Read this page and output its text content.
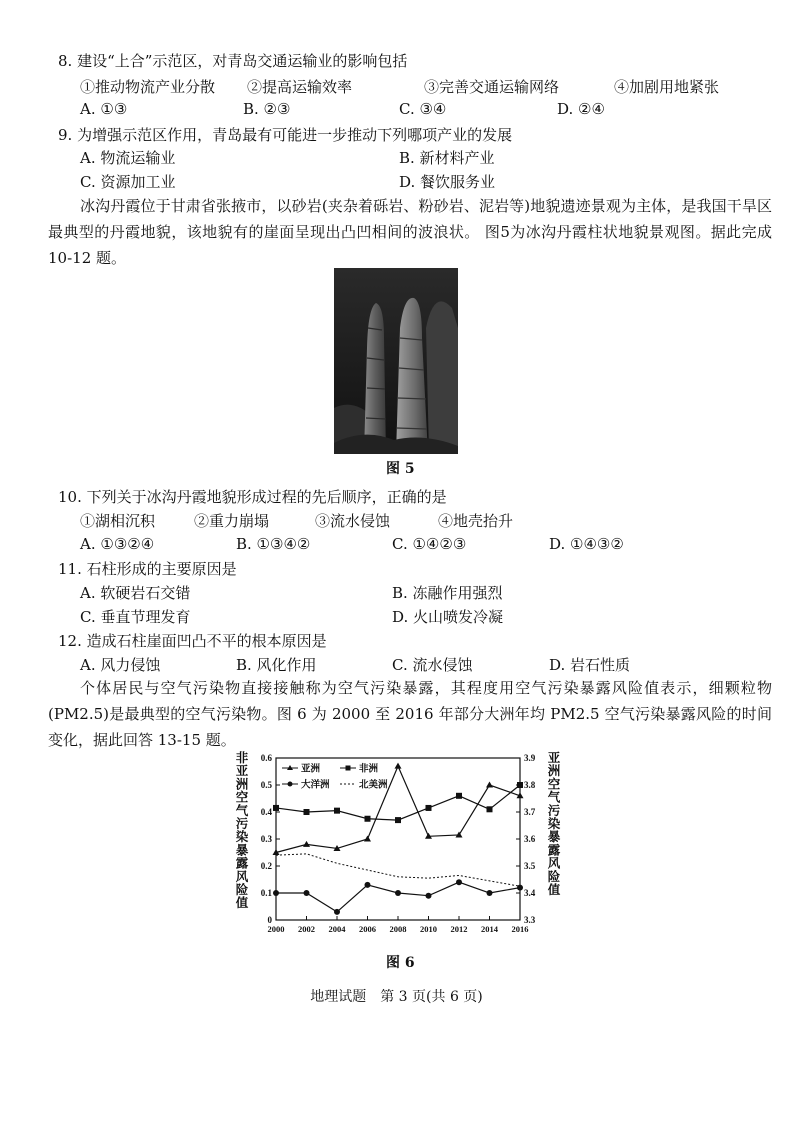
8. 建设“上合”示范区，对青岛交通运输业的影响包括
①推动物流产业分散 ②提高运输效率	③完善交通运输网络	④加剧用地紧张
A. ①③	B. ②③	C. ③④	D. ②④
9. 为增强示范区作用，青岛最有可能进一步推动下列哪项产业的发展
A. 物流运输业	B. 新材料产业
C. 资源加工业	D. 餐饮服务业
冰沟丹霞位于甘肃省张掖市，以砂岩(夹杂着砾岩、粉砂岩、泥岩等)地貌遗迹景观为主体，是我国干旱区最典型的丹霞地貌，该地貌有的崖面呈现出凸凹相间的波浪状。 图5为冰沟丹霞柱状地貌景观图。据此完成 10-12 题。
图 5
10. 下列关于冰沟丹霞地貌形成过程的先后顺序，正确的是
①湖相沉积	②重力崩塌	③流水侵蚀	④地壳抬升
A. ①③②④	B. ①③④②	C. ①④②③	D. ①④③②
11. 石柱形成的主要原因是
A. 软硬岩石交错	B. 冻融作用强烈
C. 垂直节理发育	D. 火山喷发冷凝
12. 造成石柱崖面凹凸不平的根本原因是
A. 风力侵蚀	B. 风化作用	C. 流水侵蚀	D. 岩石性质
个体居民与空气污染物直接接触称为空气污染暴露，其程度用空气污染暴露风险值表示，细颗粒物(PM2.5)是最典型的空气污染物。图 6 为 2000 至 2016 年部分大洲年均 PM2.5 空气污染暴露风险的时间变化，据此回答 13-15 题。
0
0.1
0.2
0.3
0.4
0.5
0.6
3.3
3.4
3.5
3.6
3.7
3.8
3.9
2000 2002 2004 2006 2008 2010 2012 2014 2016
非亚洲空气污染暴露风险值
亚洲空气污染暴露风险值
亚洲	非洲
大洋洲	北美洲
图 6
地理试题　第 3 页(共 6 页)
